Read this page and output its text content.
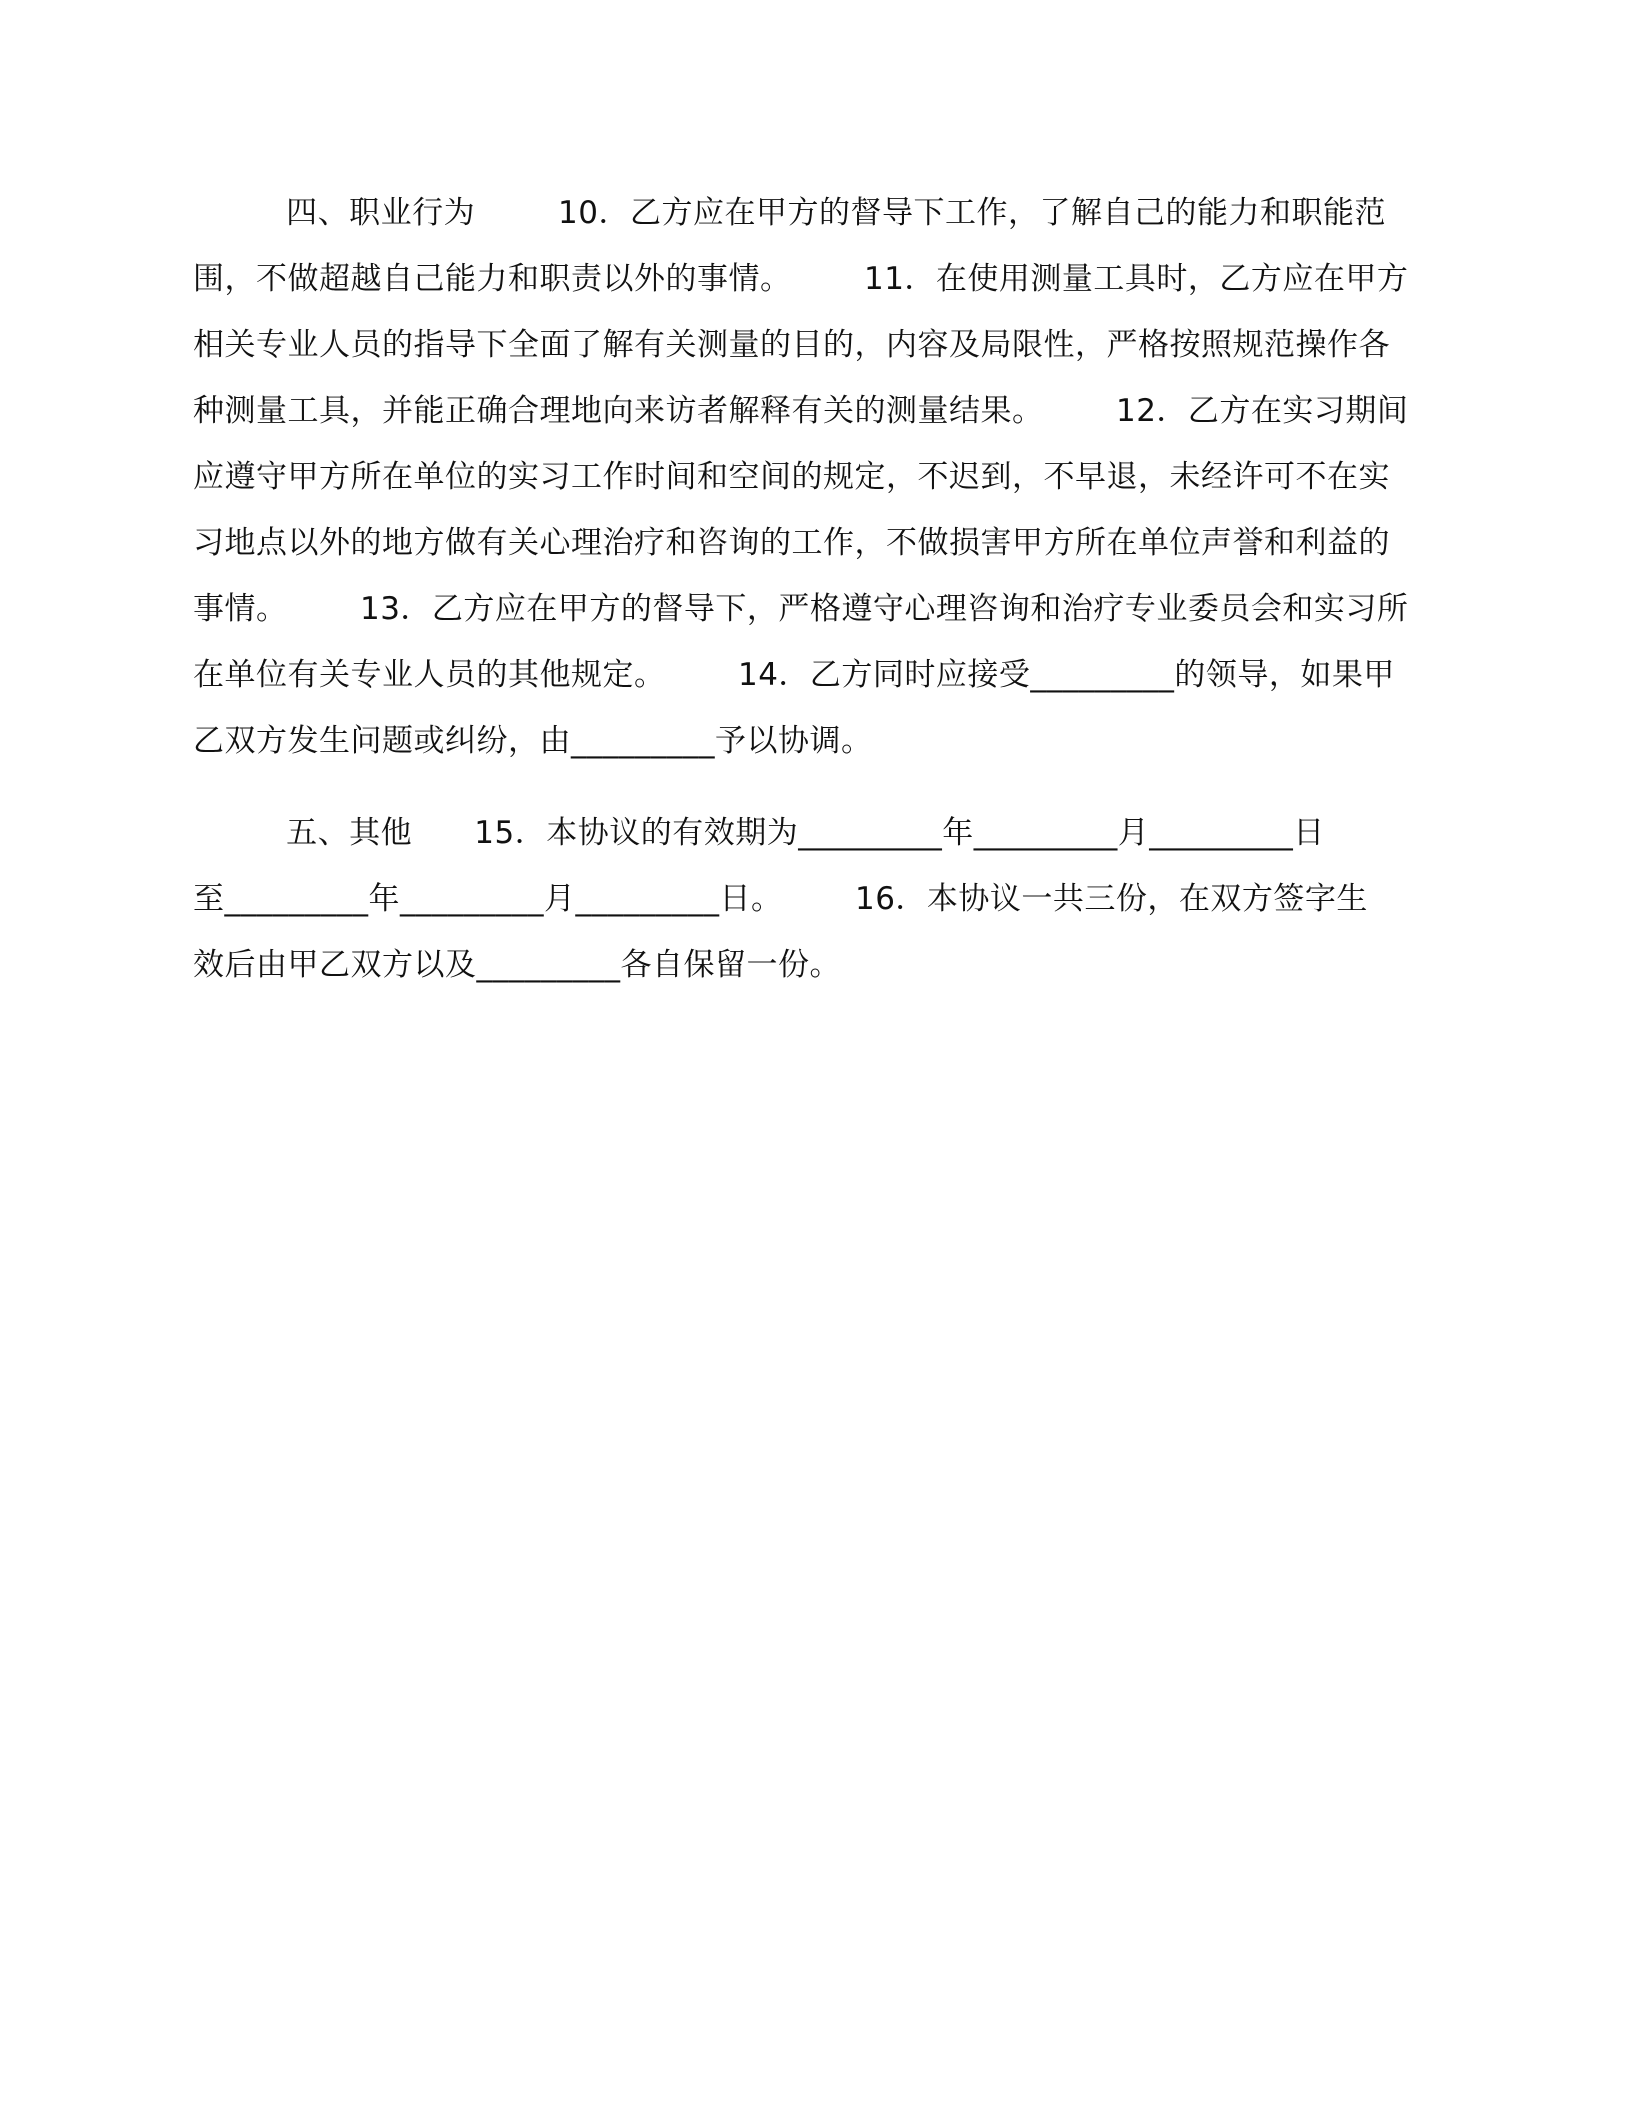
四、职业行为        10．乙方应在甲方的督导下工作，了解自己的能力和职能范
围，不做超越自己能力和职责以外的事情。       11．在使用测量工具时，乙方应在甲方
相关专业人员的指导下全面了解有关测量的目的，内容及局限性，严格按照规范操作各
种测量工具，并能正确合理地向来访者解释有关的测量结果。       12．乙方在实习期间
应遵守甲方所在单位的实习工作时间和空间的规定，不迟到，不早退，未经许可不在实
习地点以外的地方做有关心理治疗和咨询的工作，不做损害甲方所在单位声誉和利益的
事情。       13．乙方应在甲方的督导下，严格遵守心理咨询和治疗专业委员会和实习所
在单位有关专业人员的其他规定。       14．乙方同时应接受_________的领导，如果甲
乙双方发生问题或纠纷，由_________予以协调。
五、其他      15．本协议的有效期为_________年_________月_________日
至_________年_________月_________日。       16．本协议一共三份，在双方签字生
效后由甲乙双方以及_________各自保留一份。
